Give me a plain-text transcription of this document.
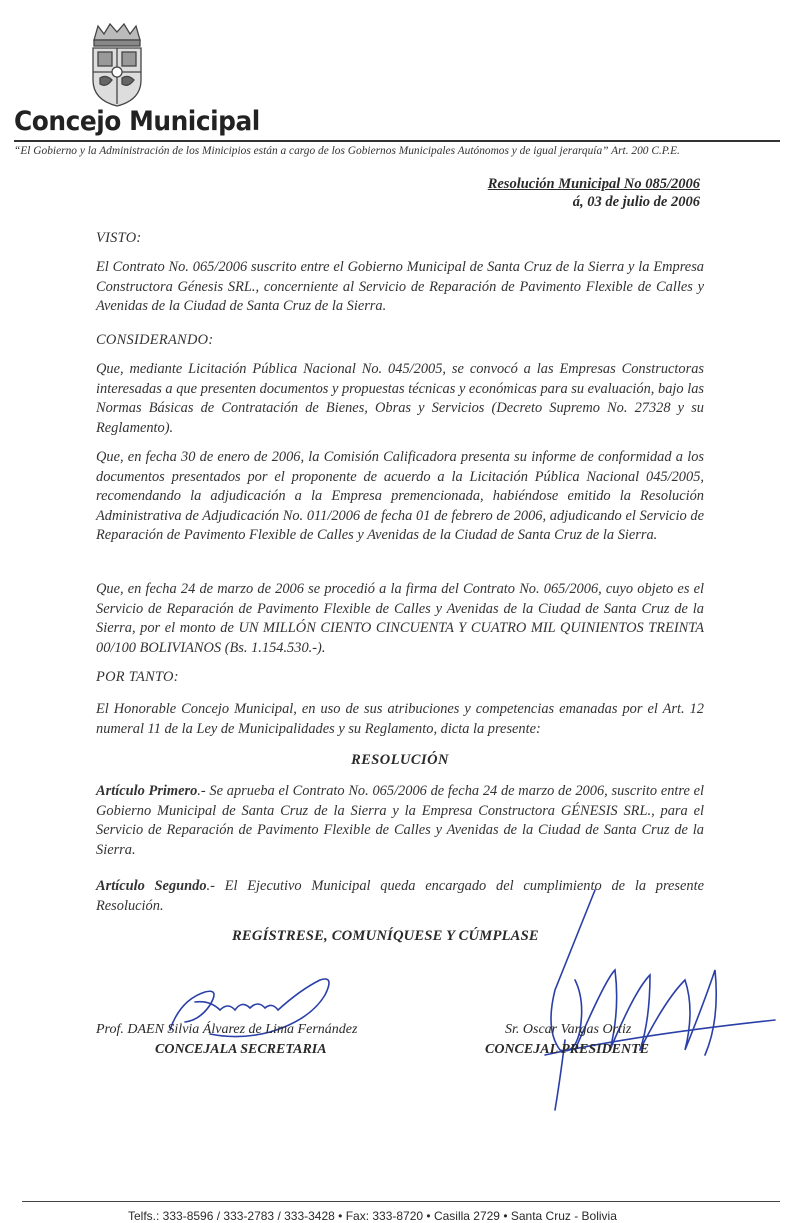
Concejo Municipal
“El Gobierno y la Administración de los Minicipios están a cargo de los Gobiernos Municipales Autónomos y de igual jerarquía” Art. 200 C.P.E.
Resolución Municipal No 085/2006
á, 03 de julio de 2006
VISTO:

El Contrato No. 065/2006 suscrito entre el Gobierno Municipal de Santa Cruz de la Sierra y la Empresa Constructora Génesis SRL., concerniente al Servicio de Reparación de Pavimento Flexible de Calles y Avenidas de la Ciudad de Santa Cruz de la Sierra.

CONSIDERANDO:

Que, mediante Licitación Pública Nacional No. 045/2005, se convocó a las Empresas Constructoras interesadas a que presenten documentos y propuestas técnicas y económicas para su evaluación, bajo las Normas Básicas de Contratación de Bienes, Obras y Servicios (Decreto Supremo No. 27328 y su Reglamento).

Que, en fecha 30 de enero de 2006, la Comisión Calificadora presenta su informe de conformidad a los documentos presentados por el proponente de acuerdo a la Licitación Pública Nacional 045/2005, recomendando la adjudicación a la Empresa premencionada, habiéndose emitido la Resolución Administrativa de Adjudicación No. 011/2006 de fecha 01 de febrero de 2006, adjudicando el Servicio de Reparación de Pavimento Flexible de Calles y Avenidas de la Ciudad de Santa Cruz de la Sierra.

Que, en fecha 24 de marzo de 2006 se procedió a la firma del Contrato No. 065/2006, cuyo objeto es el Servicio de Reparación de Pavimento Flexible de Calles y Avenidas de la Ciudad de Santa Cruz de la Sierra, por el monto de UN MILLÓN CIENTO CINCUENTA Y CUATRO MIL QUINIENTOS TREINTA 00/100 BOLIVIANOS (Bs. 1.154.530.-).

POR TANTO:

El Honorable Concejo Municipal, en uso de sus atribuciones y competencias emanadas por el Art. 12 numeral 11 de la Ley de Municipalidades y su Reglamento, dicta la presente:

RESOLUCIÓN

Artículo Primero.- Se aprueba el Contrato No. 065/2006 de fecha 24 de marzo de 2006, suscrito entre el Gobierno Municipal de Santa Cruz de la Sierra y la Empresa Constructora GÉNESIS SRL., para el Servicio de Reparación de Pavimento Flexible de Calles y Avenidas de la Ciudad de Santa Cruz de la Sierra.

Artículo Segundo.- El Ejecutivo Municipal queda encargado del cumplimiento de la presente Resolución.

REGÍSTRESE, COMUNÍQUESE Y CÚMPLASE
Prof. DAEN Silvia Álvarez de Lima Fernández
CONCEJALA SECRETARIA
Sr. Oscar Vargas Ortiz
CONCEJAL PRESIDENTE
Telfs.: 333-8596 / 333-2783 / 333-3428 • Fax: 333-8720 • Casilla 2729 • Santa Cruz - Bolivia
